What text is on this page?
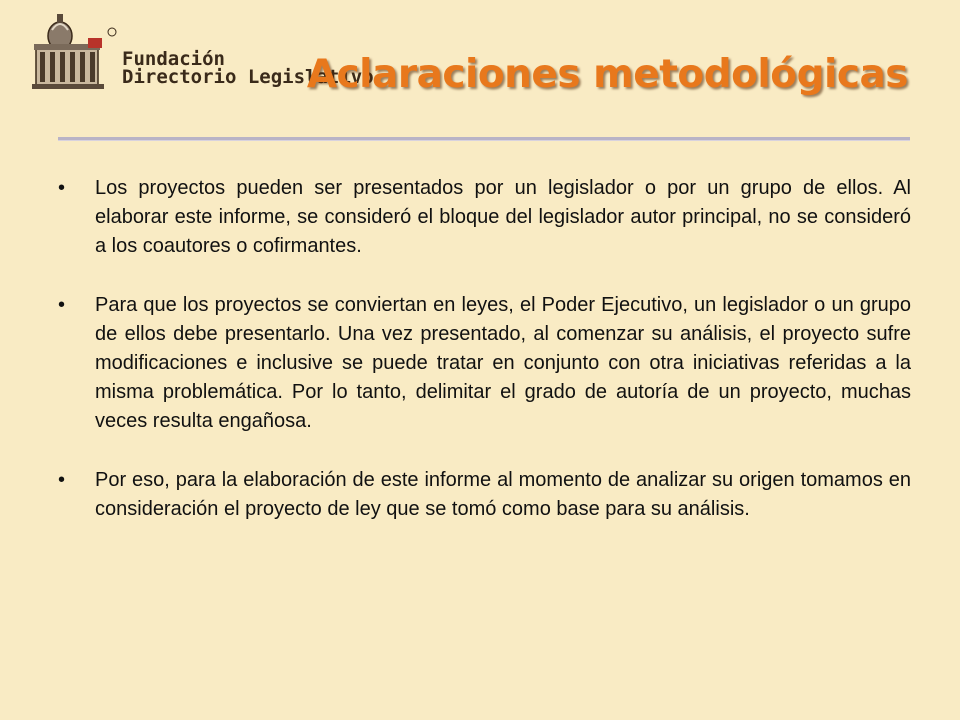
Fundación
Directorio Legislativo
Aclaraciones metodológicas
•	Los proyectos pueden ser presentados por un legislador o por un grupo de ellos. Al elaborar este informe, se consideró el bloque del legislador autor principal, no se consideró a los coautores o cofirmantes.
•	Para que los proyectos se conviertan en leyes, el Poder Ejecutivo, un legislador o un grupo de ellos debe presentarlo. Una vez presentado, al comenzar su análisis, el proyecto sufre modificaciones e inclusive se puede tratar en conjunto con otra iniciativas referidas a la misma problemática. Por lo tanto, delimitar el grado de autoría de un proyecto, muchas veces resulta engañosa.
•	Por eso, para la elaboración de este informe al momento de analizar su origen tomamos en consideración el proyecto de ley que se tomó como base para su análisis.
